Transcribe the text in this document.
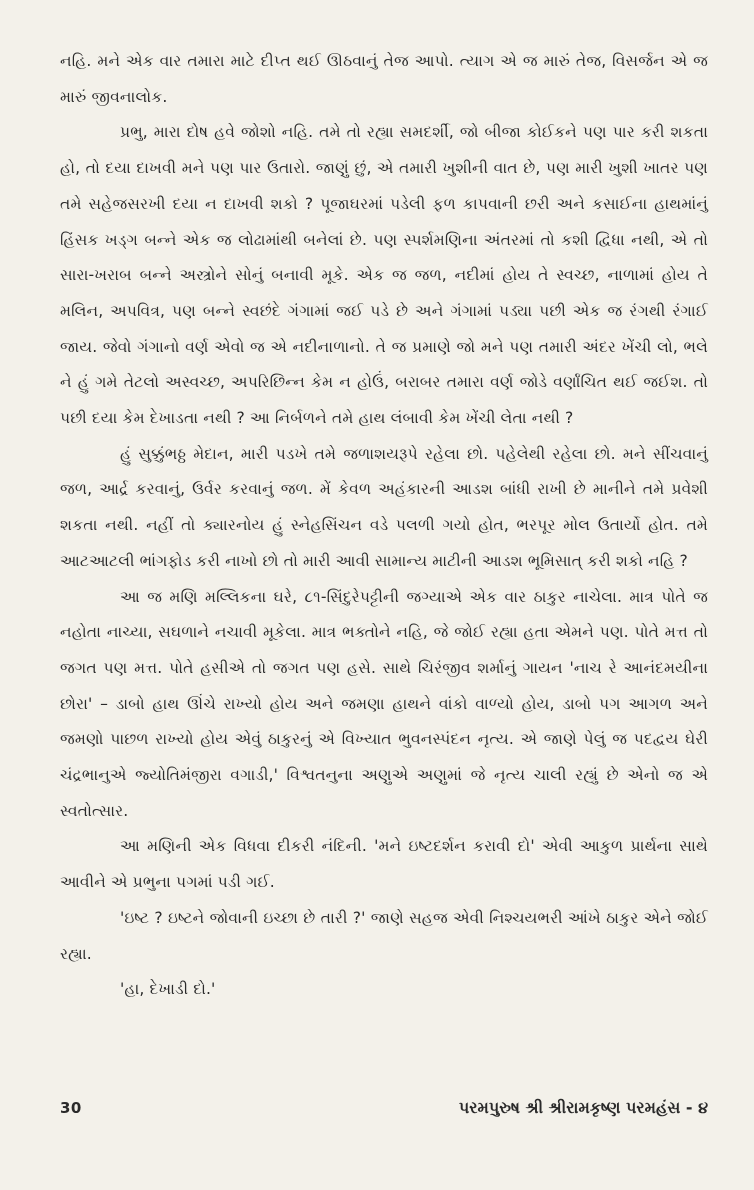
નહિ. મને એક વાર તમારા માટે દીપ્ત થઈ ઊઠવાનું તેજ આપો. ત્યાગ એ જ મારું તેજ, વિસર્જન એ જ મારું જીવનાલોક.

પ્રભુ, મારા દોષ હવે જોશો નહિ. તમે તો રહ્યા સમદર્શી, જો બીજા કોઈકને પણ પાર કરી શકતા હો, તો દયા દાખવી મને પણ પાર ઉતારો. જાણું છું, એ તમારી ખુશીની વાત છે, પણ મારી ખુશી ખાતર પણ તમે સહેજસરખી દયા ન દાખવી શકો ? પૂજાઘરમાં પડેલી ફળ કાપવાની છરી અને કસાઈના હાથમાંનું હિંસક ખડ્ગ બન્ને એક જ લોઢામાંથી બનેલાં છે. પણ સ્પર્શમણિના અંતરમાં તો કશી દ્વિધા નથી, એ તો સારા-ખરાબ બન્ને અસ્ત્રોને સોનું બનાવી મૂકે. એક જ જળ, નદીમાં હોય તે સ્વચ્છ, નાળામાં હોય તે મલિન, અપવિત્ર, પણ બન્ને સ્વછંદે ગંગામાં જઈ પડે છે અને ગંગામાં પડ્યા પછી એક જ રંગથી રંગાઈ જાય. જેવો ગંગાનો વર્ણ એવો જ એ નદીનાળાનો. તે જ પ્રમાણે જો મને પણ તમારી અંદર ખેંચી લો, ભલે ને હું ગમે તેટલો અસ્વચ્છ, અપરિછિન્ન કેમ ન હોઉં, બરાબર તમારા વર્ણ જોડે વર્ણાંચિત થઈ જઈશ. તો પછી દયા કેમ દેખાડતા નથી ? આ નિર્બળને તમે હાથ લંબાવી કેમ ખેંચી લેતા નથી ?

હું સુક્કુંભઠ્ઠ મેદાન, મારી પડખે તમે જળાશયરૂપે રહેલા છો. પહેલેથી રહેલા છો. મને સીંચવાનું જળ, આર્દ્ર કરવાનું, ઉર્વર કરવાનું જળ. મેં કેવળ અહંકારની આડશ બાંધી રાખી છે માનીને તમે પ્રવેશી શકતા નથી. નહીં તો ક્યારનોય હું સ્નેહસિંચન વડે પલળી ગયો હોત, ભરપૂર મોલ ઉતાર્યો હોત. તમે આટઆટલી ભાંગફોડ કરી નાખો છો તો મારી આવી સામાન્ય માટીની આડશ ભૂમિસાત્ કરી શકો નહિ ?

આ જ મણિ મલ્લિકના ઘરે, ૮૧-સિંદુરેપટ્ટીની જગ્યાએ એક વાર ઠાકુર નાચેલા. માત્ર પોતે જ નહોતા નાચ્યા, સઘળાને નચાવી મૂકેલા. માત્ર ભક્તોને નહિ, જે જોઈ રહ્યા હતા એમને પણ. પોતે મત્ત તો જગત પણ મત્ત. પોતે હસીએ તો જગત પણ હસે. સાથે ચિરંજીવ શર્માનું ગાયન 'નાચ રે આનંદમયીના છોરા' – ડાબો હાથ ઊંચે રાખ્યો હોય અને જમણા હાથને વાંકો વાળ્યો હોય, ડાબો પગ આગળ અને જમણો પાછળ રાખ્યો હોય એવું ઠાકુરનું એ વિખ્યાત ભુવનસ્પંદન નૃત્ય. એ જાણે પેલું જ પદદ્વય ઘેરી ચંદ્રભાનુએ જ્યોતિમંજીરા વગાડી,' વિશ્વતનુના અણુએ અણુમાં જે નૃત્ય ચાલી રહ્યું છે એનો જ એ સ્વતોત્સાર.

આ મણિની એક વિધવા દીકરી નંદિની. 'મને ઇષ્ટદર્શન કરાવી દો' એવી આકુળ પ્રાર્થના સાથે આવીને એ પ્રભુના પગમાં પડી ગઈ.

'ઇષ્ટ ? ઇષ્ટને જોવાની ઇચ્છા છે તારી ?' જાણે સહજ એવી નિશ્ચયભરી આંખે ઠાકુર એને જોઈ રહ્યા.

'હા, દેખાડી દો.'

30	પરમપુરુષ શ્રી શ્રીરામકૃષ્ણ પરમહંસ - ૪
